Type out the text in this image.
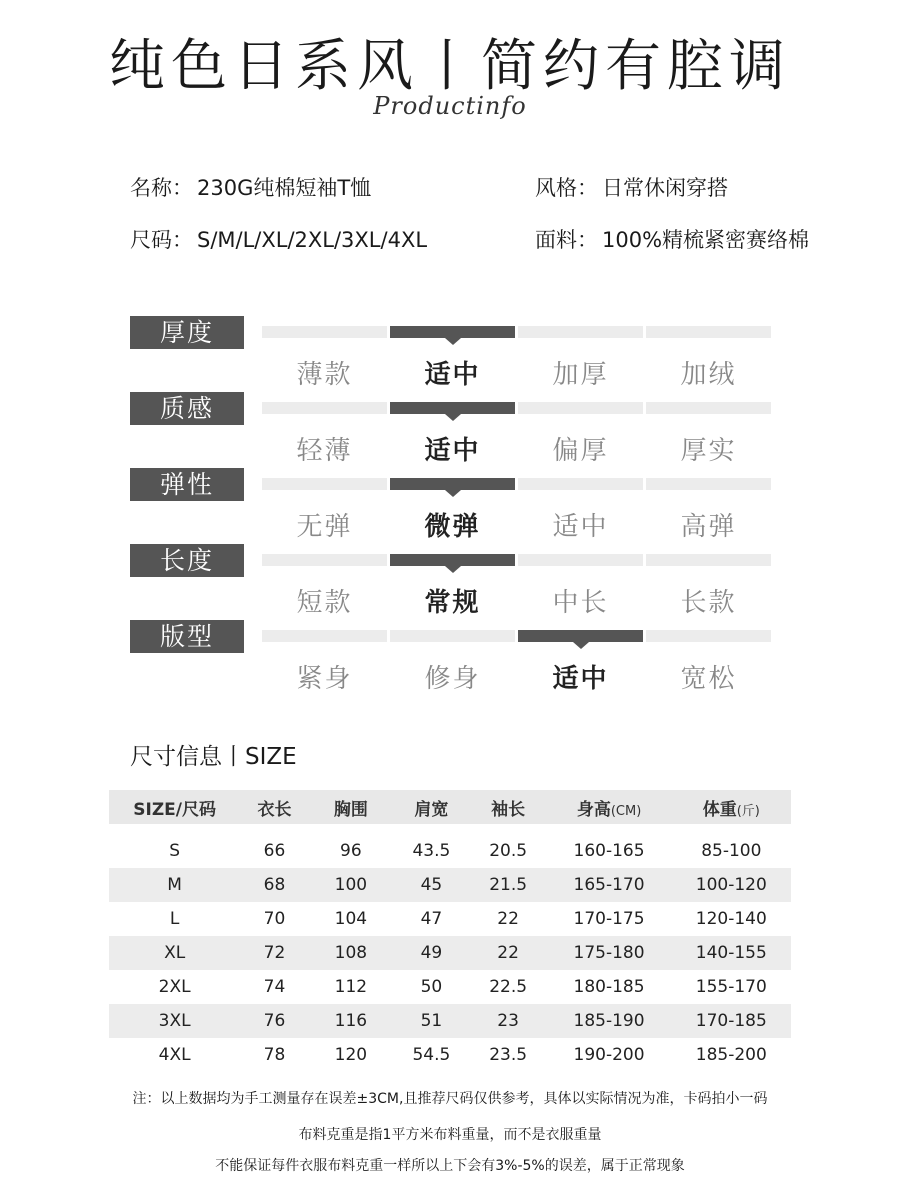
纯色日系风丨简约有腔调
Productinfo
名称： 230G纯棉短袖T恤
尺码： S/M/L/XL/2XL/3XL/4XL
风格： 日常休闲穿搭
面料： 100%精梳紧密赛络棉
厚度
薄款	适中	加厚	加绒
质感
轻薄	适中	偏厚	厚实
弹性
无弹	微弹	适中	高弹
长度
短款	常规	中长	长款
版型
紧身	修身	适中	宽松
尺寸信息丨SIZE
SIZE/尺码	衣长	胸围	肩宽	袖长	身高(CM)	体重(斤)

S	66	96	43.5	20.5	160-165	85-100
M	68	100	45	21.5	165-170	100-120
L	70	104	47	22	170-175	120-140
XL	72	108	49	22	175-180	140-155
2XL	74	112	50	22.5	180-185	155-170
3XL	76	116	51	23	185-190	170-185
4XL	78	120	54.5	23.5	190-200	185-200
注：以上数据均为手工测量存在误差±3CM,且推荐尺码仅供参考，具体以实际情况为准，卡码拍小一码
布料克重是指1平方米布料重量，而不是衣服重量
不能保证每件衣服布料克重一样所以上下会有3%-5%的误差，属于正常现象
